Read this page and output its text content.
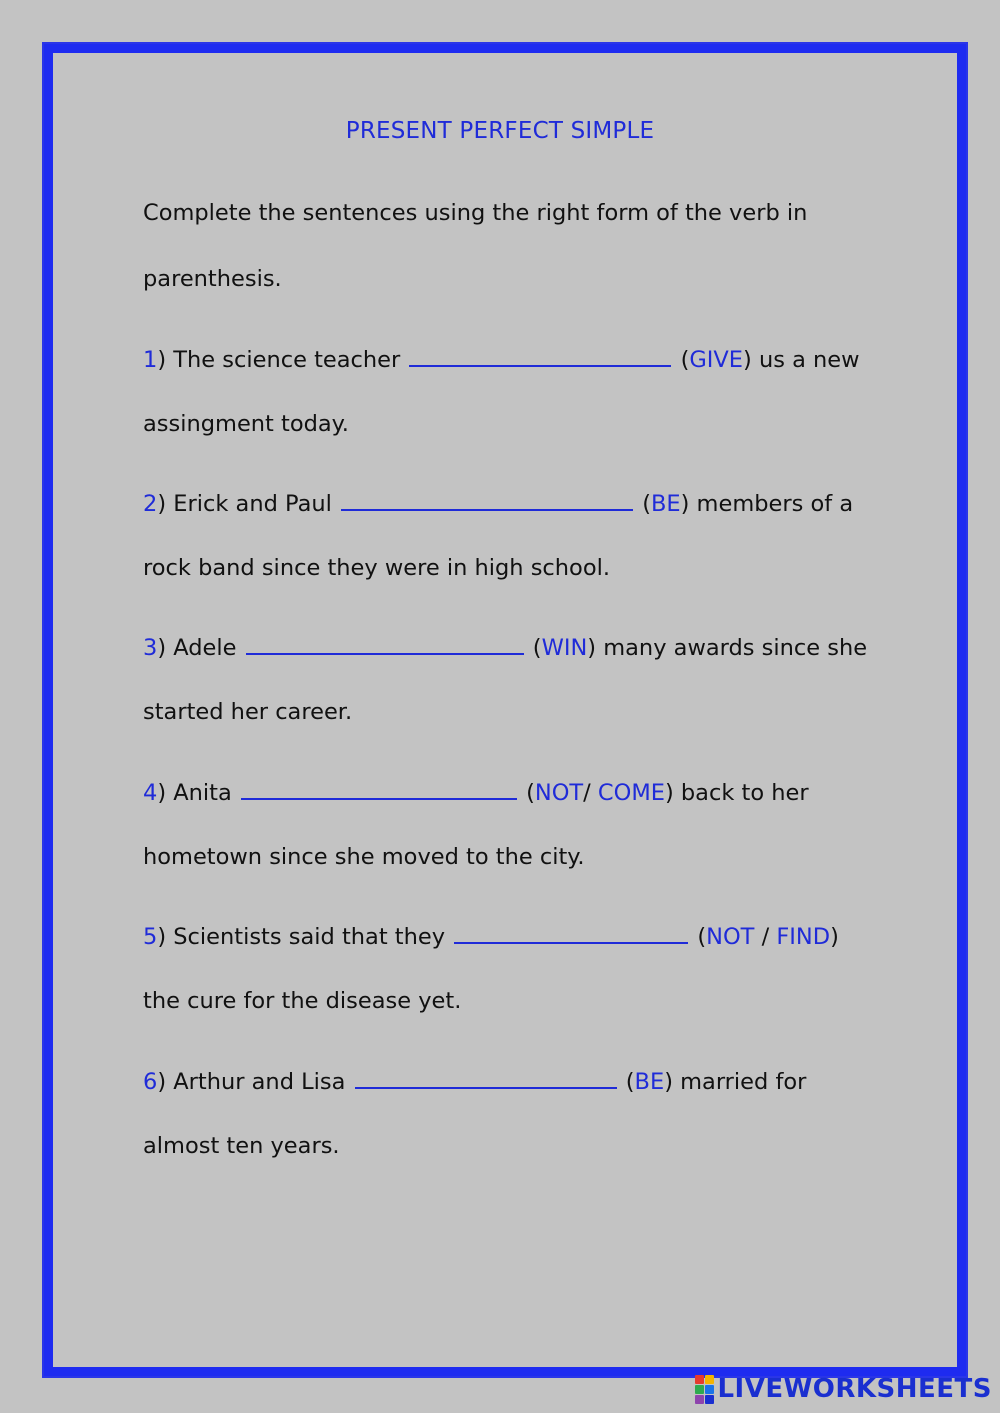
PRESENT PERFECT SIMPLE
Complete the sentences using the right form of the verb in
parenthesis.
1) The science teacher	(GIVE) us a new
assingment today.
2) Erick and Paul	(BE) members of a
rock band since they were in high school.
3) Adele	(WIN) many awards since she
started her career.
4) Anita	(NOT/ COME) back to her
hometown since she moved to the city.
5) Scientists said that they	(NOT / FIND)
the cure for the disease yet.
6) Arthur and Lisa	(BE) married for
almost ten years.
LIVEWORKSHEETS
